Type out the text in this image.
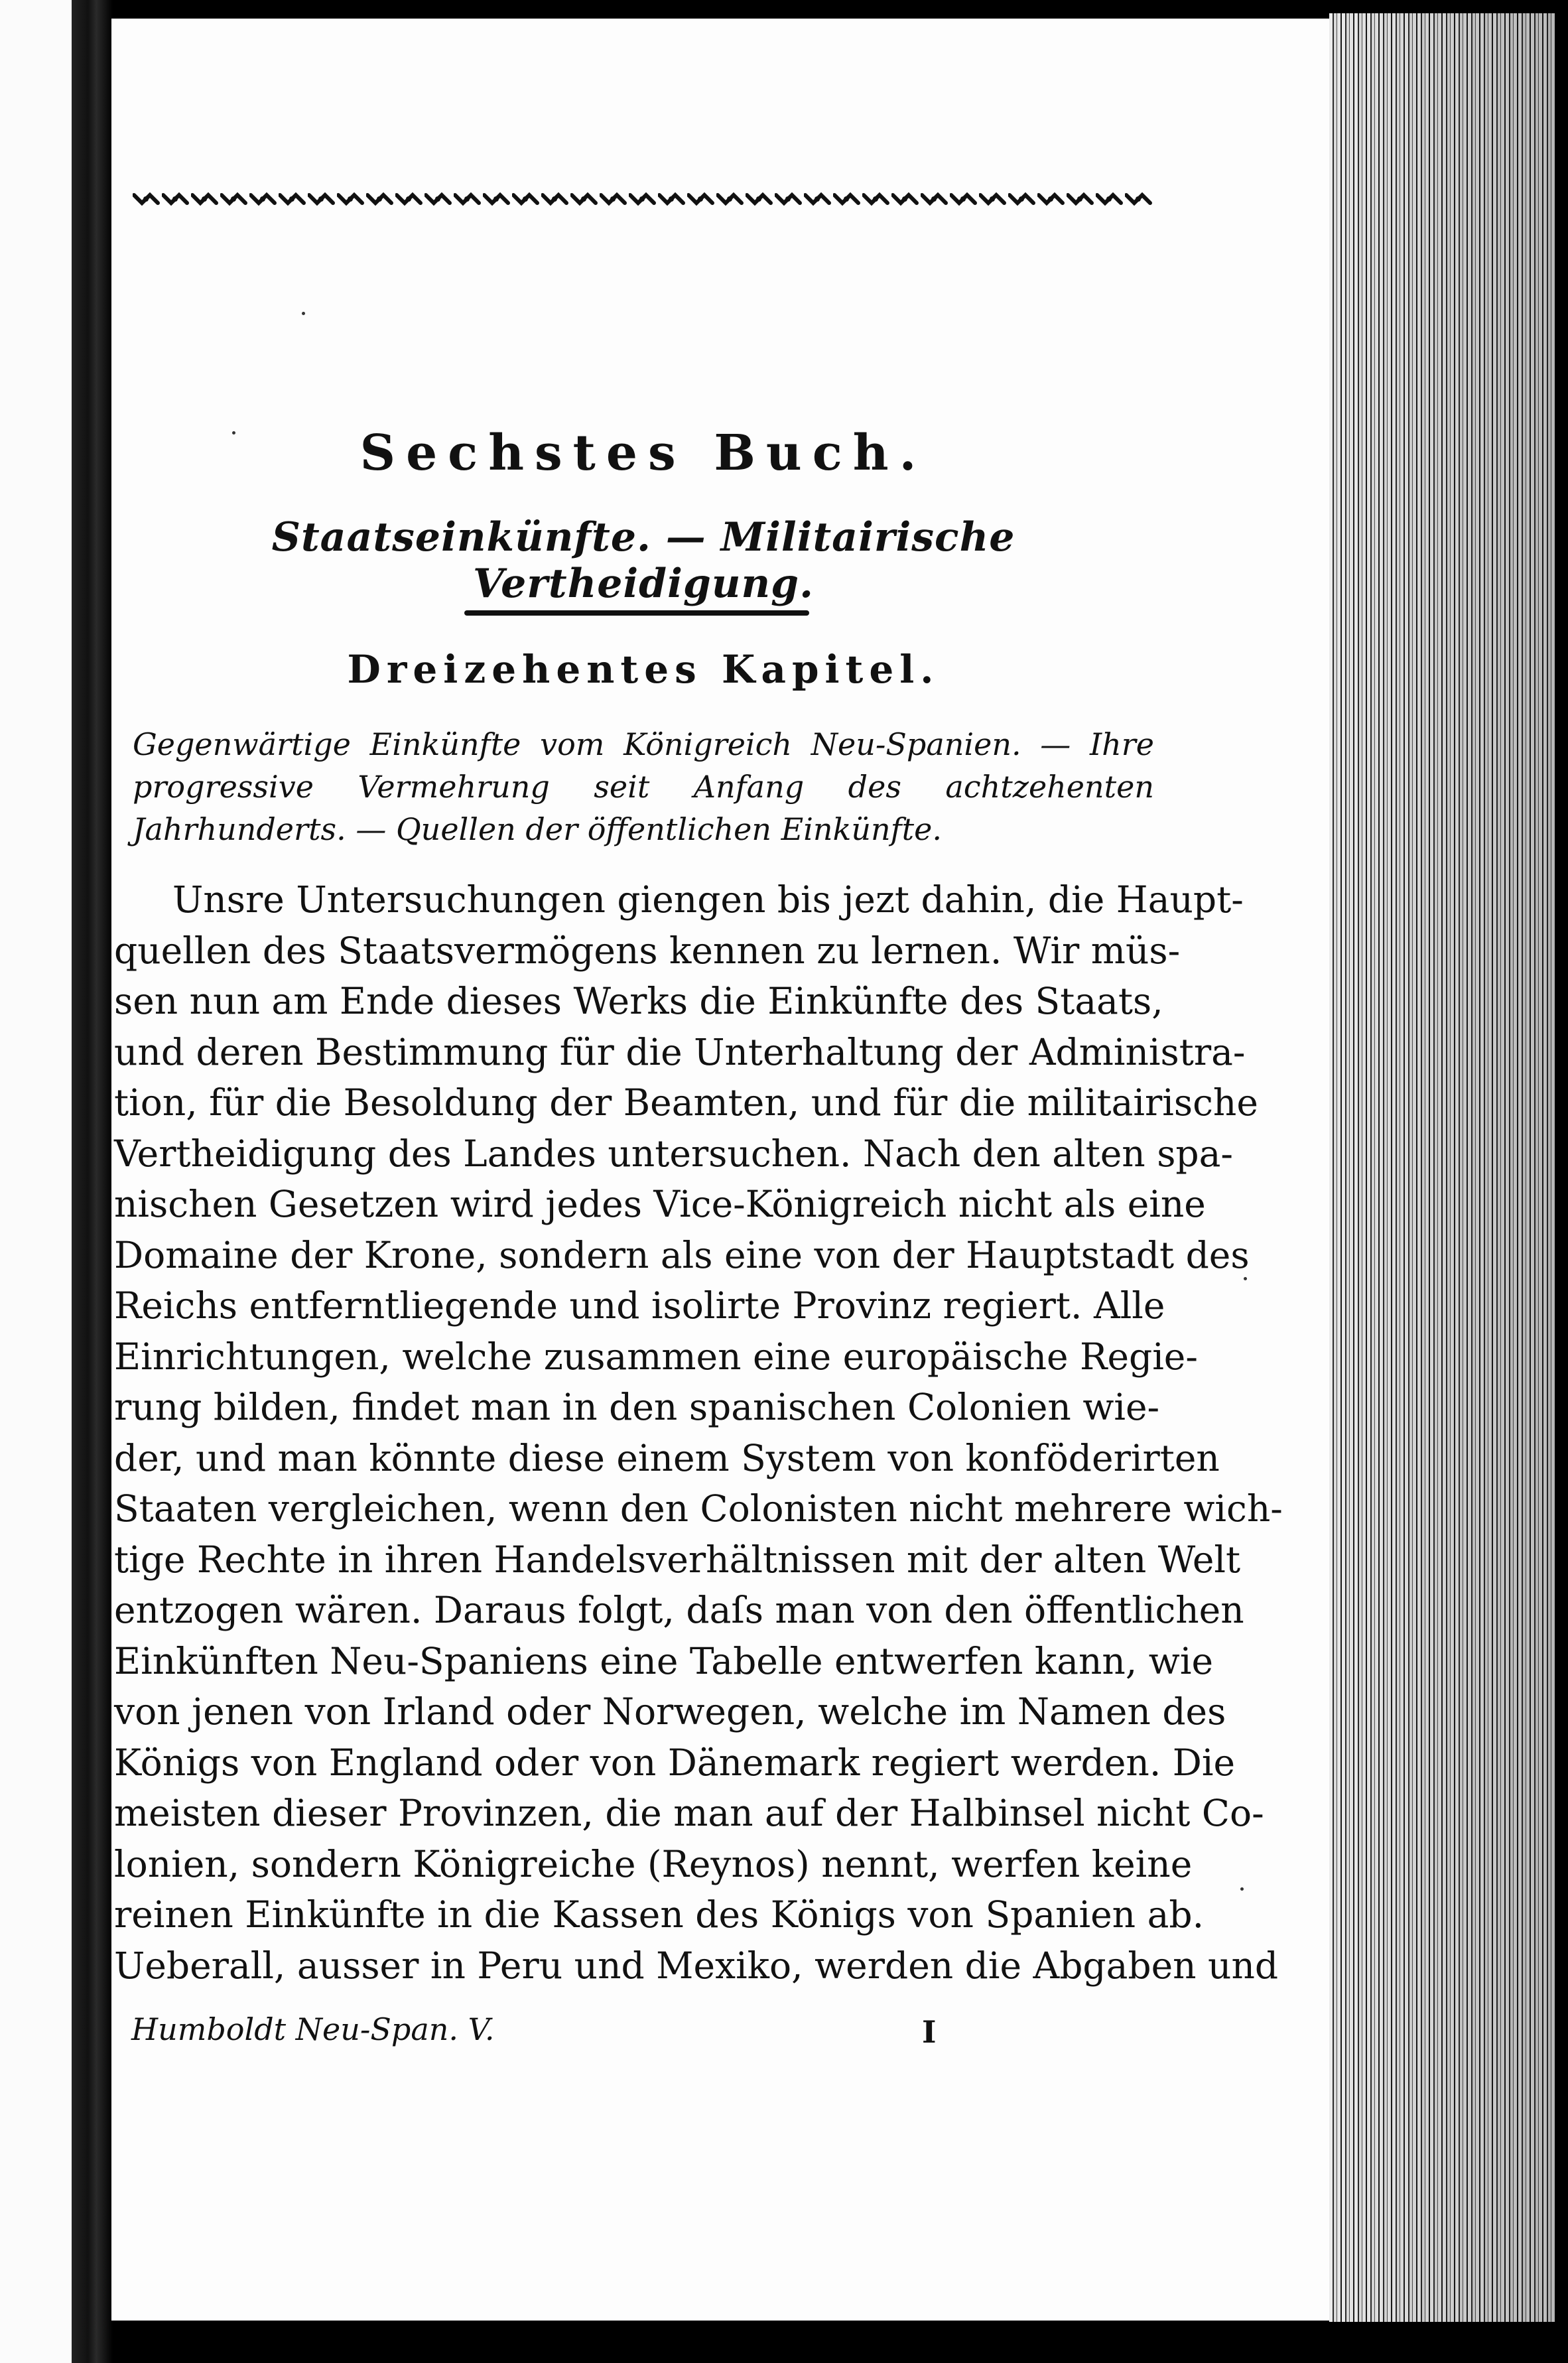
Sechstes Buch.
Staatseinkünfte. — Militairische Vertheidigung.
Dreizehentes Kapitel.

Gegenwärtige Einkünfte vom Königreich Neu-Spanien. — Ihre progressive Vermehrung seit Anfang des achtzehenten Jahrhunderts. — Quellen der öffentlichen Einkünfte.

Unsre Untersuchungen giengen bis jezt dahin, die Haupt-
quellen des Staatsvermögens kennen zu lernen. Wir müs-
sen nun am Ende dieses Werks die Einkünfte des Staats,
und deren Bestimmung für die Unterhaltung der Administra-
tion, für die Besoldung der Beamten, und für die militairische
Vertheidigung des Landes untersuchen. Nach den alten spa-
nischen Gesetzen wird jedes Vice-Königreich nicht als eine
Domaine der Krone, sondern als eine von der Hauptstadt des
Reichs entferntliegende und isolirte Provinz regiert. Alle
Einrichtungen, welche zusammen eine europäische Regie-
rung bilden, findet man in den spanischen Colonien wie-
der, und man könnte diese einem System von konföderirten
Staaten vergleichen, wenn den Colonisten nicht mehrere wich-
tige Rechte in ihren Handelsverhältnissen mit der alten Welt
entzogen wären. Daraus folgt, daſs man von den öffentlichen
Einkünften Neu-Spaniens eine Tabelle entwerfen kann, wie
von jenen von Irland oder Norwegen, welche im Namen des
Königs von England oder von Dänemark regiert werden. Die
meisten dieser Provinzen, die man auf der Halbinsel nicht Co-
lonien, sondern Königreiche (Reynos) nennt, werfen keine
reinen Einkünfte in die Kassen des Königs von Spanien ab.
Ueberall, ausser in Peru und Mexiko, werden die Abgaben und
Humboldt Neu-Span. V.	I
